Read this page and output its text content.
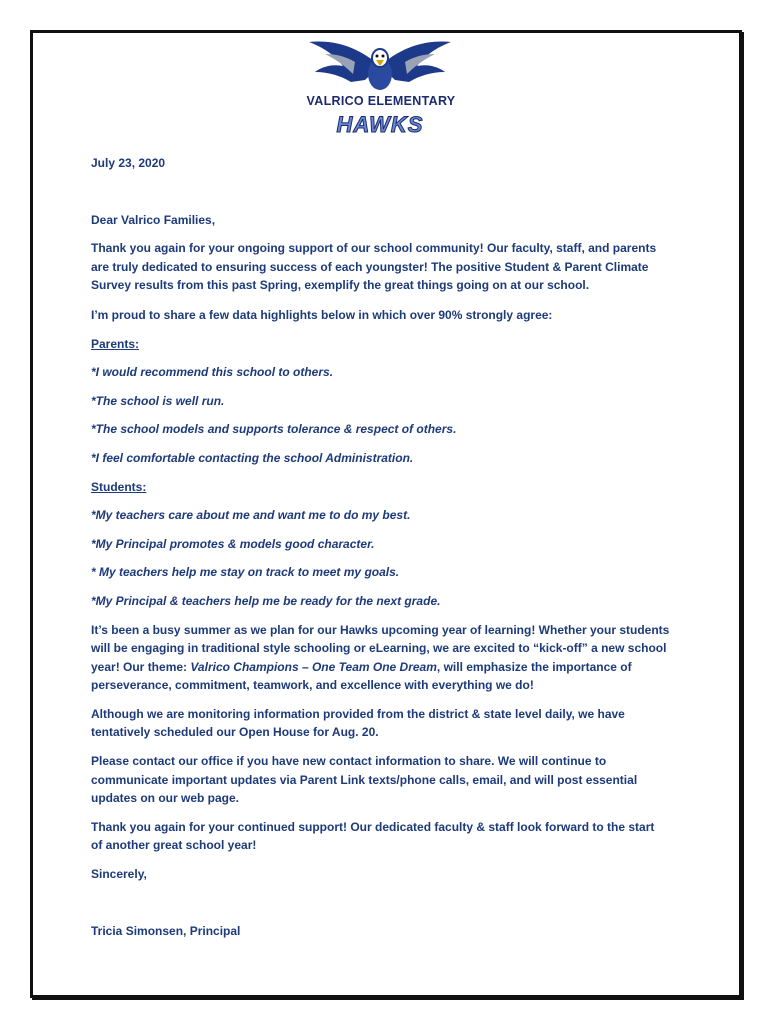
VALRICO ELEMENTARY
HAWKS

July 23, 2020

Dear Valrico Families,

Thank you again for your ongoing support of our school community! Our faculty, staff, and parents

are truly dedicated to ensuring success of each youngster! The positive Student & Parent Climate

Survey results from this past Spring, exemplify the great things going on at our school.

I’m proud to share a few data highlights below in which over 90% strongly agree:

Parents:

*I would recommend this school to others.

*The school is well run.

*The school models and supports tolerance & respect of others.

*I feel comfortable contacting the school Administration.

Students:

*My teachers care about me and want me to do my best.

*My Principal promotes & models good character.

* My teachers help me stay on track to meet my goals.

*My Principal & teachers help me be ready for the next grade.

It’s been a busy summer as we plan for our Hawks upcoming year of learning! Whether your students

will be engaging in traditional style schooling or eLearning, we are excited to “kick-off” a new school

year! Our theme: Valrico Champions – One Team One Dream, will emphasize the importance of

perseverance, commitment, teamwork, and excellence with everything we do!

Although we are monitoring information provided from the district & state level daily, we have

tentatively scheduled our Open House for Aug. 20.

Please contact our office if you have new contact information to share. We will continue to

communicate important updates via Parent Link texts/phone calls, email, and will post essential

updates on our web page.

Thank you again for your continued support! Our dedicated faculty & staff look forward to the start

of another great school year!

Sincerely,

Tricia Simonsen, Principal
